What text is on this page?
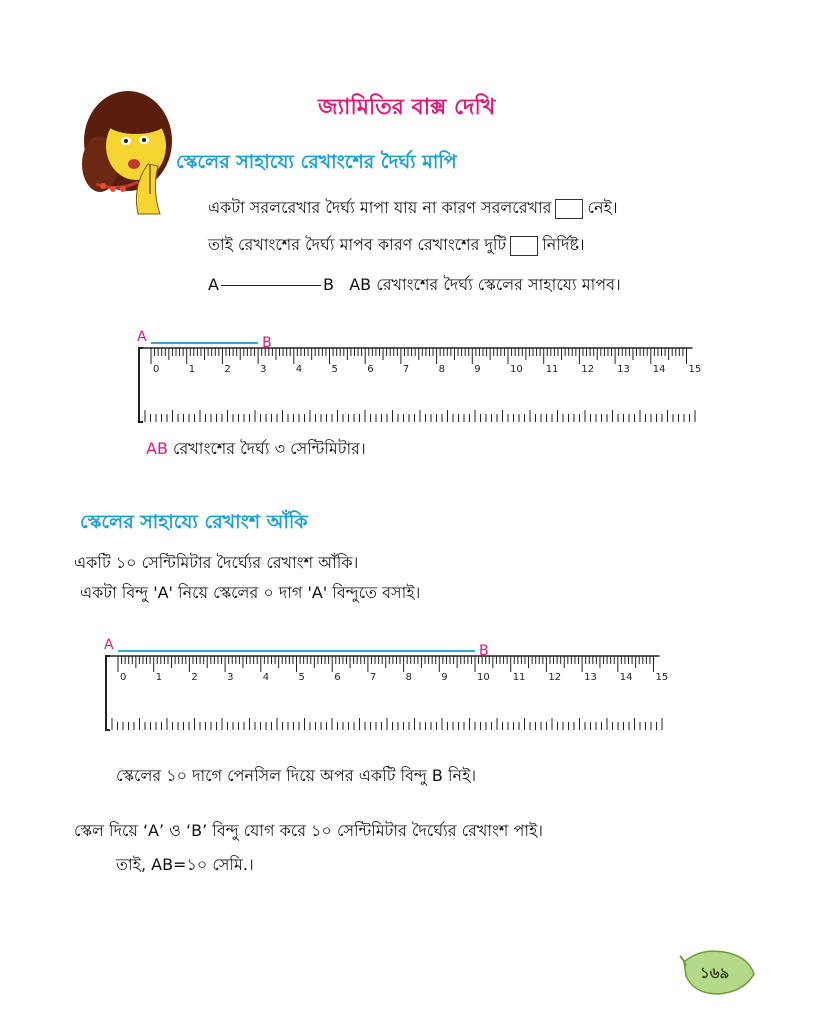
জ্যামিতির বাক্স দেখি
স্কেলের সাহায্যে রেখাংশের দৈর্ঘ্য মাপি
একটা সরলরেখার দৈর্ঘ্য মাপা যায় না কারণ সরলরেখার নেই।
তাই রেখাংশের দৈর্ঘ্য মাপব কারণ রেখাংশের দুটি নির্দিষ্ট।
A	B AB রেখাংশের দৈর্ঘ্য স্কেলের সাহায্যে মাপব।
0	1	2	3	4	5	6	7	8	9	10 11 12 13 14 15
A	B
AB রেখাংশের দৈর্ঘ্য ৩ সেন্টিমিটার।
স্কেলের সাহায্যে রেখাংশ আঁকি
একটি ১০ সেন্টিমিটার দৈর্ঘ্যের রেখাংশ আঁকি।
একটা বিন্দু 'A' নিয়ে স্কেলের ০ দাগ 'A' বিন্দুতে বসাই।
0	1	2	3	4	5	6	7	8	9	10 11 12 13 14 15
A	B
স্কেলের ১০ দাগে পেনসিল দিয়ে অপর একটি বিন্দু B নিই।
স্কেল দিয়ে ‘A’ ও ‘B’ বিন্দু যোগ করে ১০ সেন্টিমিটার দৈর্ঘ্যের রেখাংশ পাই।
তাই, AB=১০ সেমি.।
১৬৯
